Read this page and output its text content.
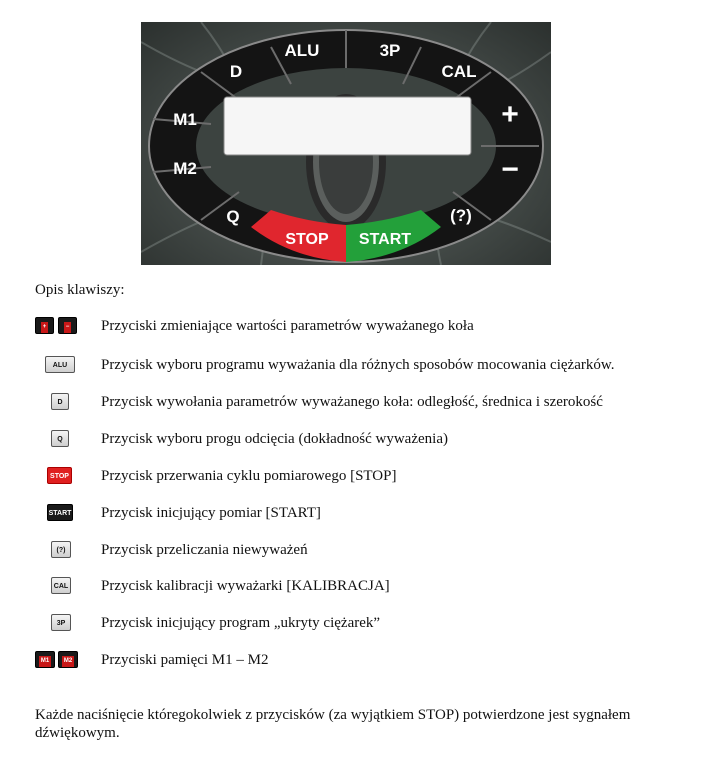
ALU	3P
D	CAL
M1
M2
+
−
Q	(?)
STOP START
Opis klawiszy:
+	−	Przyciski zmieniające wartości parametrów wyważanego koła
ALU	Przycisk wyboru programu wyważania dla różnych sposobów mocowania ciężarków.
D	Przycisk wywołania parametrów wyważanego koła: odległość, średnica i szerokość
Q	Przycisk wyboru progu odcięcia (dokładność wyważenia)
STOP Przycisk przerwania cyklu pomiarowego [STOP]
START Przycisk inicjujący pomiar [START]
(?)	Przycisk przeliczania niewyważeń
CAL Przycisk kalibracji wyważarki [KALIBRACJA]
3P	Przycisk inicjujący program „ukryty ciężarek”
M1	M2	Przyciski pamięci M1 – M2
Każde naciśnięcie któregokolwiek z przycisków (za wyjątkiem STOP) potwierdzone jest sygnałem dźwiękowym.
